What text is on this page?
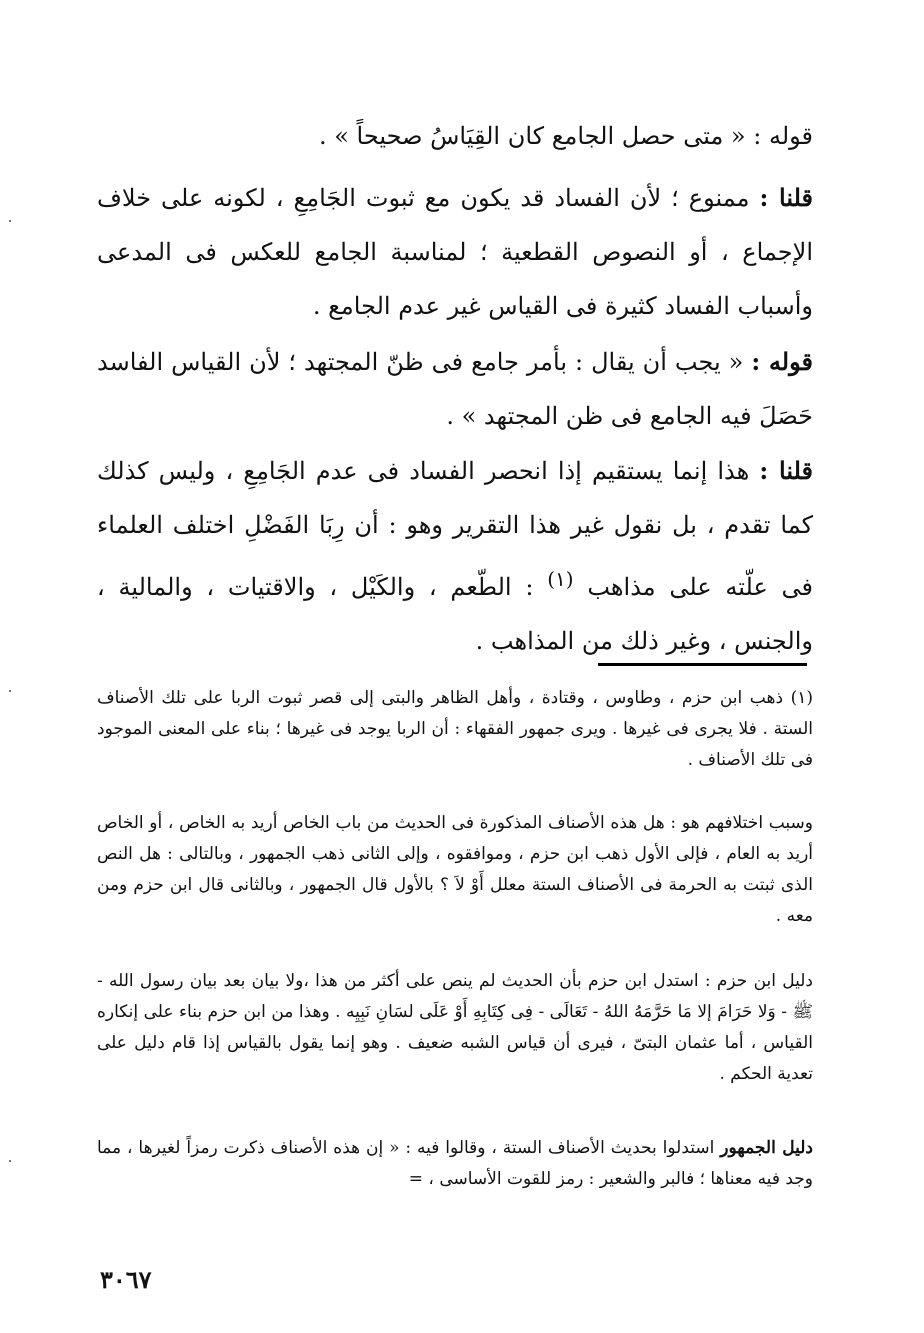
قوله : « متى حصل الجامع كان القِيَاسُ صحيحاً » .

قلنا : ممنوع ؛ لأن الفساد قد يكون مع ثبوت الجَامِعِ ، لكونه على خلاف الإجماع ، أو النصوص القطعية ؛ لمناسبة الجامع للعكس فى المدعى وأسباب الفساد كثيرة فى القياس غير عدم الجامع .

قوله : « يجب أن يقال : بأمر جامع فى ظنّ المجتهد ؛ لأن القياس الفاسد حَصَلَ فيه الجامع فى ظن المجتهد » .

قلنا : هذا إنما يستقيم إذا انحصر الفساد فى عدم الجَامِعِ ، وليس كذلك كما تقدم ، بل نقول غير هذا التقرير وهو : أن رِبَا الفَضْلِ اختلف العلماء فى علّته على مذاهب $^{(١)}$ : الطّعم ، والكَيْل ، والاقتيات ، والمالية ، والجنس ، وغير ذلك من المذاهب .

(١) ذهب ابن حزم ، وطاوس ، وقتادة ، وأهل الظاهر والبتى إلى قصر ثبوت الربا على تلك الأصناف الستة . فلا يجرى فى غيرها . ويرى جمهور الفقهاء : أن الربا يوجد فى غيرها ؛ بناء على المعنى الموجود فى تلك الأصناف .
وسبب اختلافهم هو : هل هذه الأصناف المذكورة فى الحديث من باب الخاص أريد به الخاص ، أو الخاص أريد به العام ، فإلى الأول ذهب ابن حزم ، وموافقوه ، وإلى الثانى ذهب الجمهور ، وبالتالى : هل النص الذى ثبتت به الحرمة فى الأصناف الستة معلل أَوْ لاَ ؟ بالأول قال الجمهور ، وبالثانى قال ابن حزم ومن معه .
دليل ابن حزم : استدل ابن حزم بأن الحديث لم ينص على أكثر من هذا ،ولا بيان بعد بيان رسول الله - ﷺ - وَلا حَرَامَ إلا مَا حَرَّمَهُ اللهُ - تَعَالَى - فِى كِتَابِهِ أَوْ عَلَى لسَانِ نَبِيِه . وهذا من ابن حزم بناء على إنكاره القياس ، أما عثمان البتىّ ، فيرى أن قياس الشبه ضعيف . وهو إنما يقول بالقياس إذا قام دليل على تعدية الحكم .
دليل الجمهور استدلوا بحديث الأصناف الستة ، وقالوا فيه : « إن هذه الأصناف ذكرت رمزاً لغيرها ، مما وجد فيه معناها ؛ فالبر والشعير : رمز للقوت الأساسى ، =
٣٠٦٧
